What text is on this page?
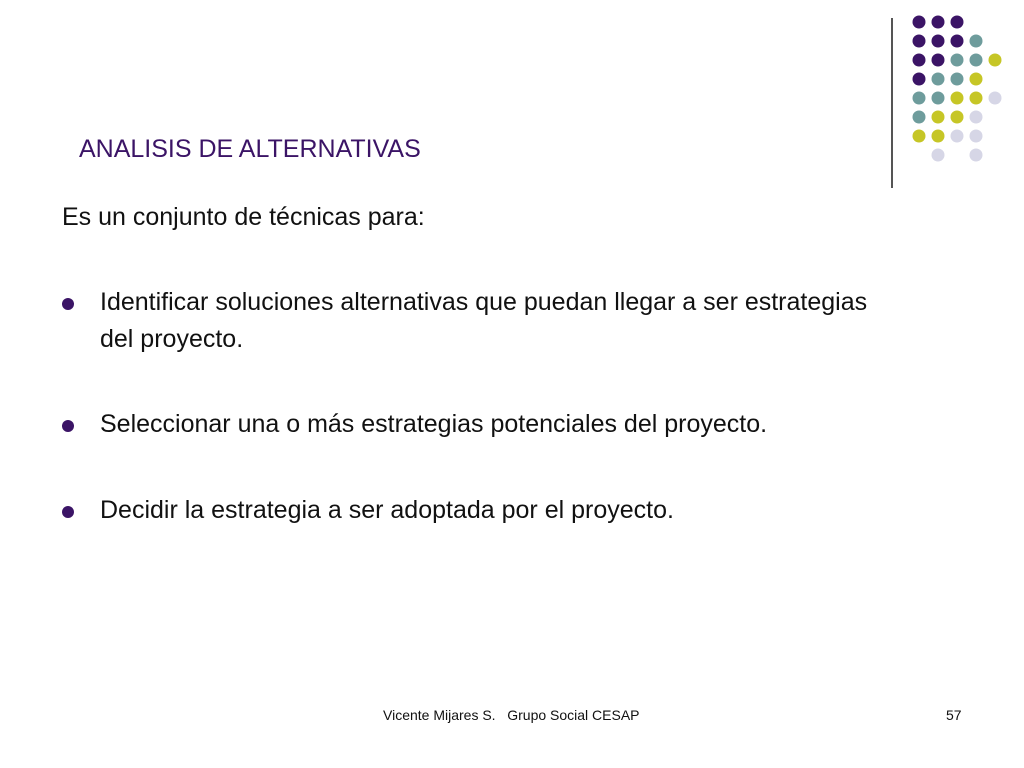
ANALISIS DE ALTERNATIVAS
Es un conjunto de técnicas para:
Identificar soluciones alternativas que puedan llegar a ser estrategias del proyecto.
Seleccionar una o más estrategias potenciales del proyecto.
Decidir la estrategia a ser adoptada por el proyecto.
Vicente Mijares S.   Grupo Social CESAP	57
